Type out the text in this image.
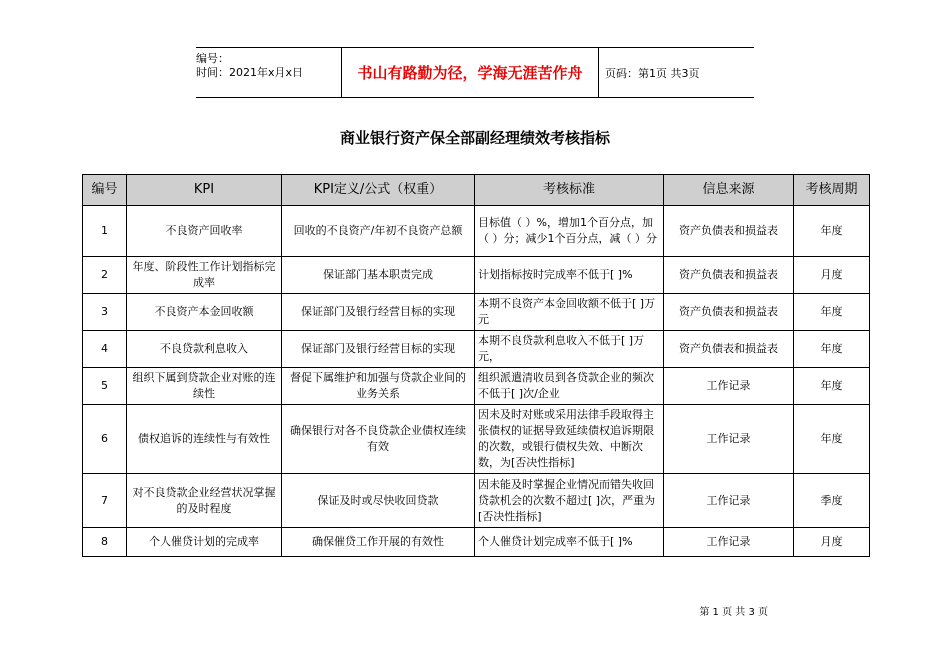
编号：
时间：2021年x月x日	书山有路勤为径，学海无涯苦作舟	页码：第1页 共3页
商业银行资产保全部副经理绩效考核指标
编号	KPI	KPI定义/公式（权重）	考核标准	信息来源	考核周期
1	不良资产回收率	回收的不良资产/年初不良资产总额	目标值（ ）%，增加1个百分点，加（ ）分；减少1个百分点，减（ ）分	资产负债表和损益表	年度
2	年度、阶段性工作计划指标完成率	保证部门基本职责完成	计划指标按时完成率不低于[ ]%	资产负债表和损益表	月度
3	不良资产本金回收额	保证部门及银行经营目标的实现	本期不良资产本金回收额不低于[ ]万元	资产负债表和损益表	年度
4	不良贷款利息收入	保证部门及银行经营目标的实现	本期不良贷款利息收入不低于[ ]万元，	资产负债表和损益表	年度
5	组织下属到贷款企业对账的连续性	督促下属维护和加强与贷款企业间的业务关系	组织派遣清收员到各贷款企业的频次不低于[ ]次/企业	工作记录	年度
6	债权追诉的连续性与有效性	确保银行对各不良贷款企业债权连续有效	因未及时对账或采用法律手段取得主张债权的证据导致延续债权追诉期限的次数，或银行债权失效、中断次数，为[否决性指标]	工作记录	年度
7	对不良贷款企业经营状况掌握的及时程度	保证及时或尽快收回贷款	因未能及时掌握企业情况而错失收回贷款机会的次数不超过[ ]次，严重为[否决性指标]	工作记录	季度
8	个人催贷计划的完成率	确保催贷工作开展的有效性	个人催贷计划完成率不低于[ ]%	工作记录	月度
第 1 页 共 3 页
